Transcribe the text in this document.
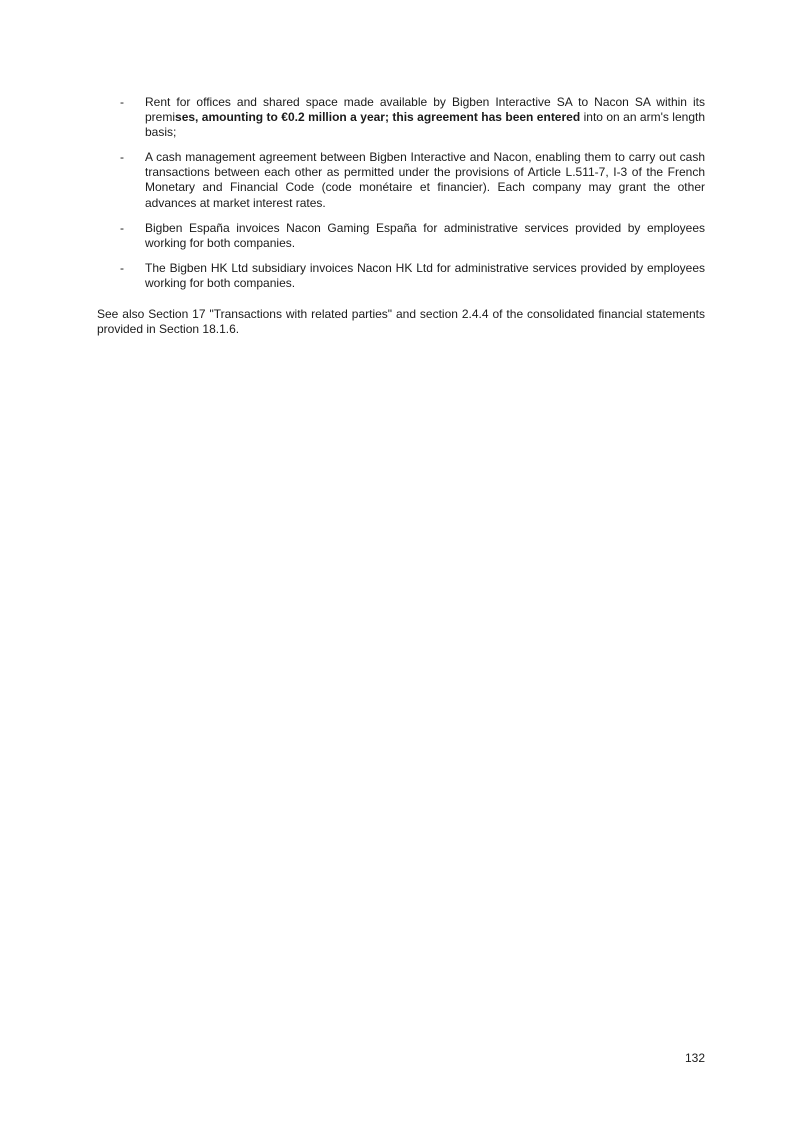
-	Rent for offices and shared space made available by Bigben Interactive SA to Nacon SA within its premises, amounting to €0.2 million a year; this agreement has been entered into on an arm's length basis;

-	A cash management agreement between Bigben Interactive and Nacon, enabling them to carry out cash transactions between each other as permitted under the provisions of Article L.511-7, I-3 of the French Monetary and Financial Code (code monétaire et financier). Each company may grant the other advances at market interest rates.

-	Bigben España invoices Nacon Gaming España for administrative services provided by employees working for both companies.

-	The Bigben HK Ltd subsidiary invoices Nacon HK Ltd for administrative services provided by employees working for both companies.

See also Section 17 "Transactions with related parties" and section 2.4.4 of the consolidated financial statements provided in Section 18.1.6.

132
